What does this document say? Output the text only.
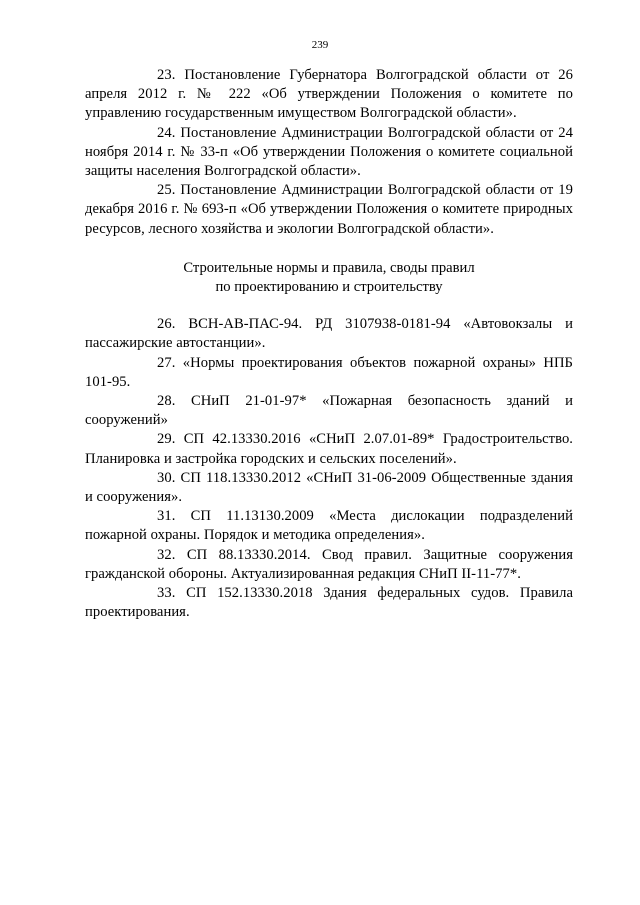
239

23. Постановление Губернатора Волгоградской области от 26 апреля 2012 г. № 222 «Об утверждении Положения о комитете по управлению государственным имуществом Волгоградской области».

24. Постановление Администрации Волгоградской области от 24 ноября 2014 г. № 33-п «Об утверждении Положения о комитете социальной защиты населения Волгоградской области».

25. Постановление Администрации Волгоградской области от 19 декабря 2016 г. № 693-п «Об утверждении Положения о комитете природных ресурсов, лесного хозяйства и экологии Волгоградской области».

Строительные нормы и правила, своды правил
по проектированию и строительству

26. ВСН-АВ-ПАС-94. РД 3107938-0181-94 «Автовокзалы и пассажирские автостанции».

27. «Нормы проектирования объектов пожарной охраны» НПБ 101-95.

28. СНиП 21-01-97* «Пожарная безопасность зданий и сооружений»

29. СП 42.13330.2016 «СНиП 2.07.01-89* Градостроительство. Планировка и застройка городских и сельских поселений».

30. СП 118.13330.2012 «СНиП 31-06-2009 Общественные здания и сооружения».

31. СП 11.13130.2009 «Места дислокации подразделений пожарной охраны. Порядок и методика определения».

32. СП 88.13330.2014. Свод правил. Защитные сооружения гражданской обороны. Актуализированная редакция СНиП II-11-77*.

33. СП 152.13330.2018 Здания федеральных судов. Правила проектирования.
